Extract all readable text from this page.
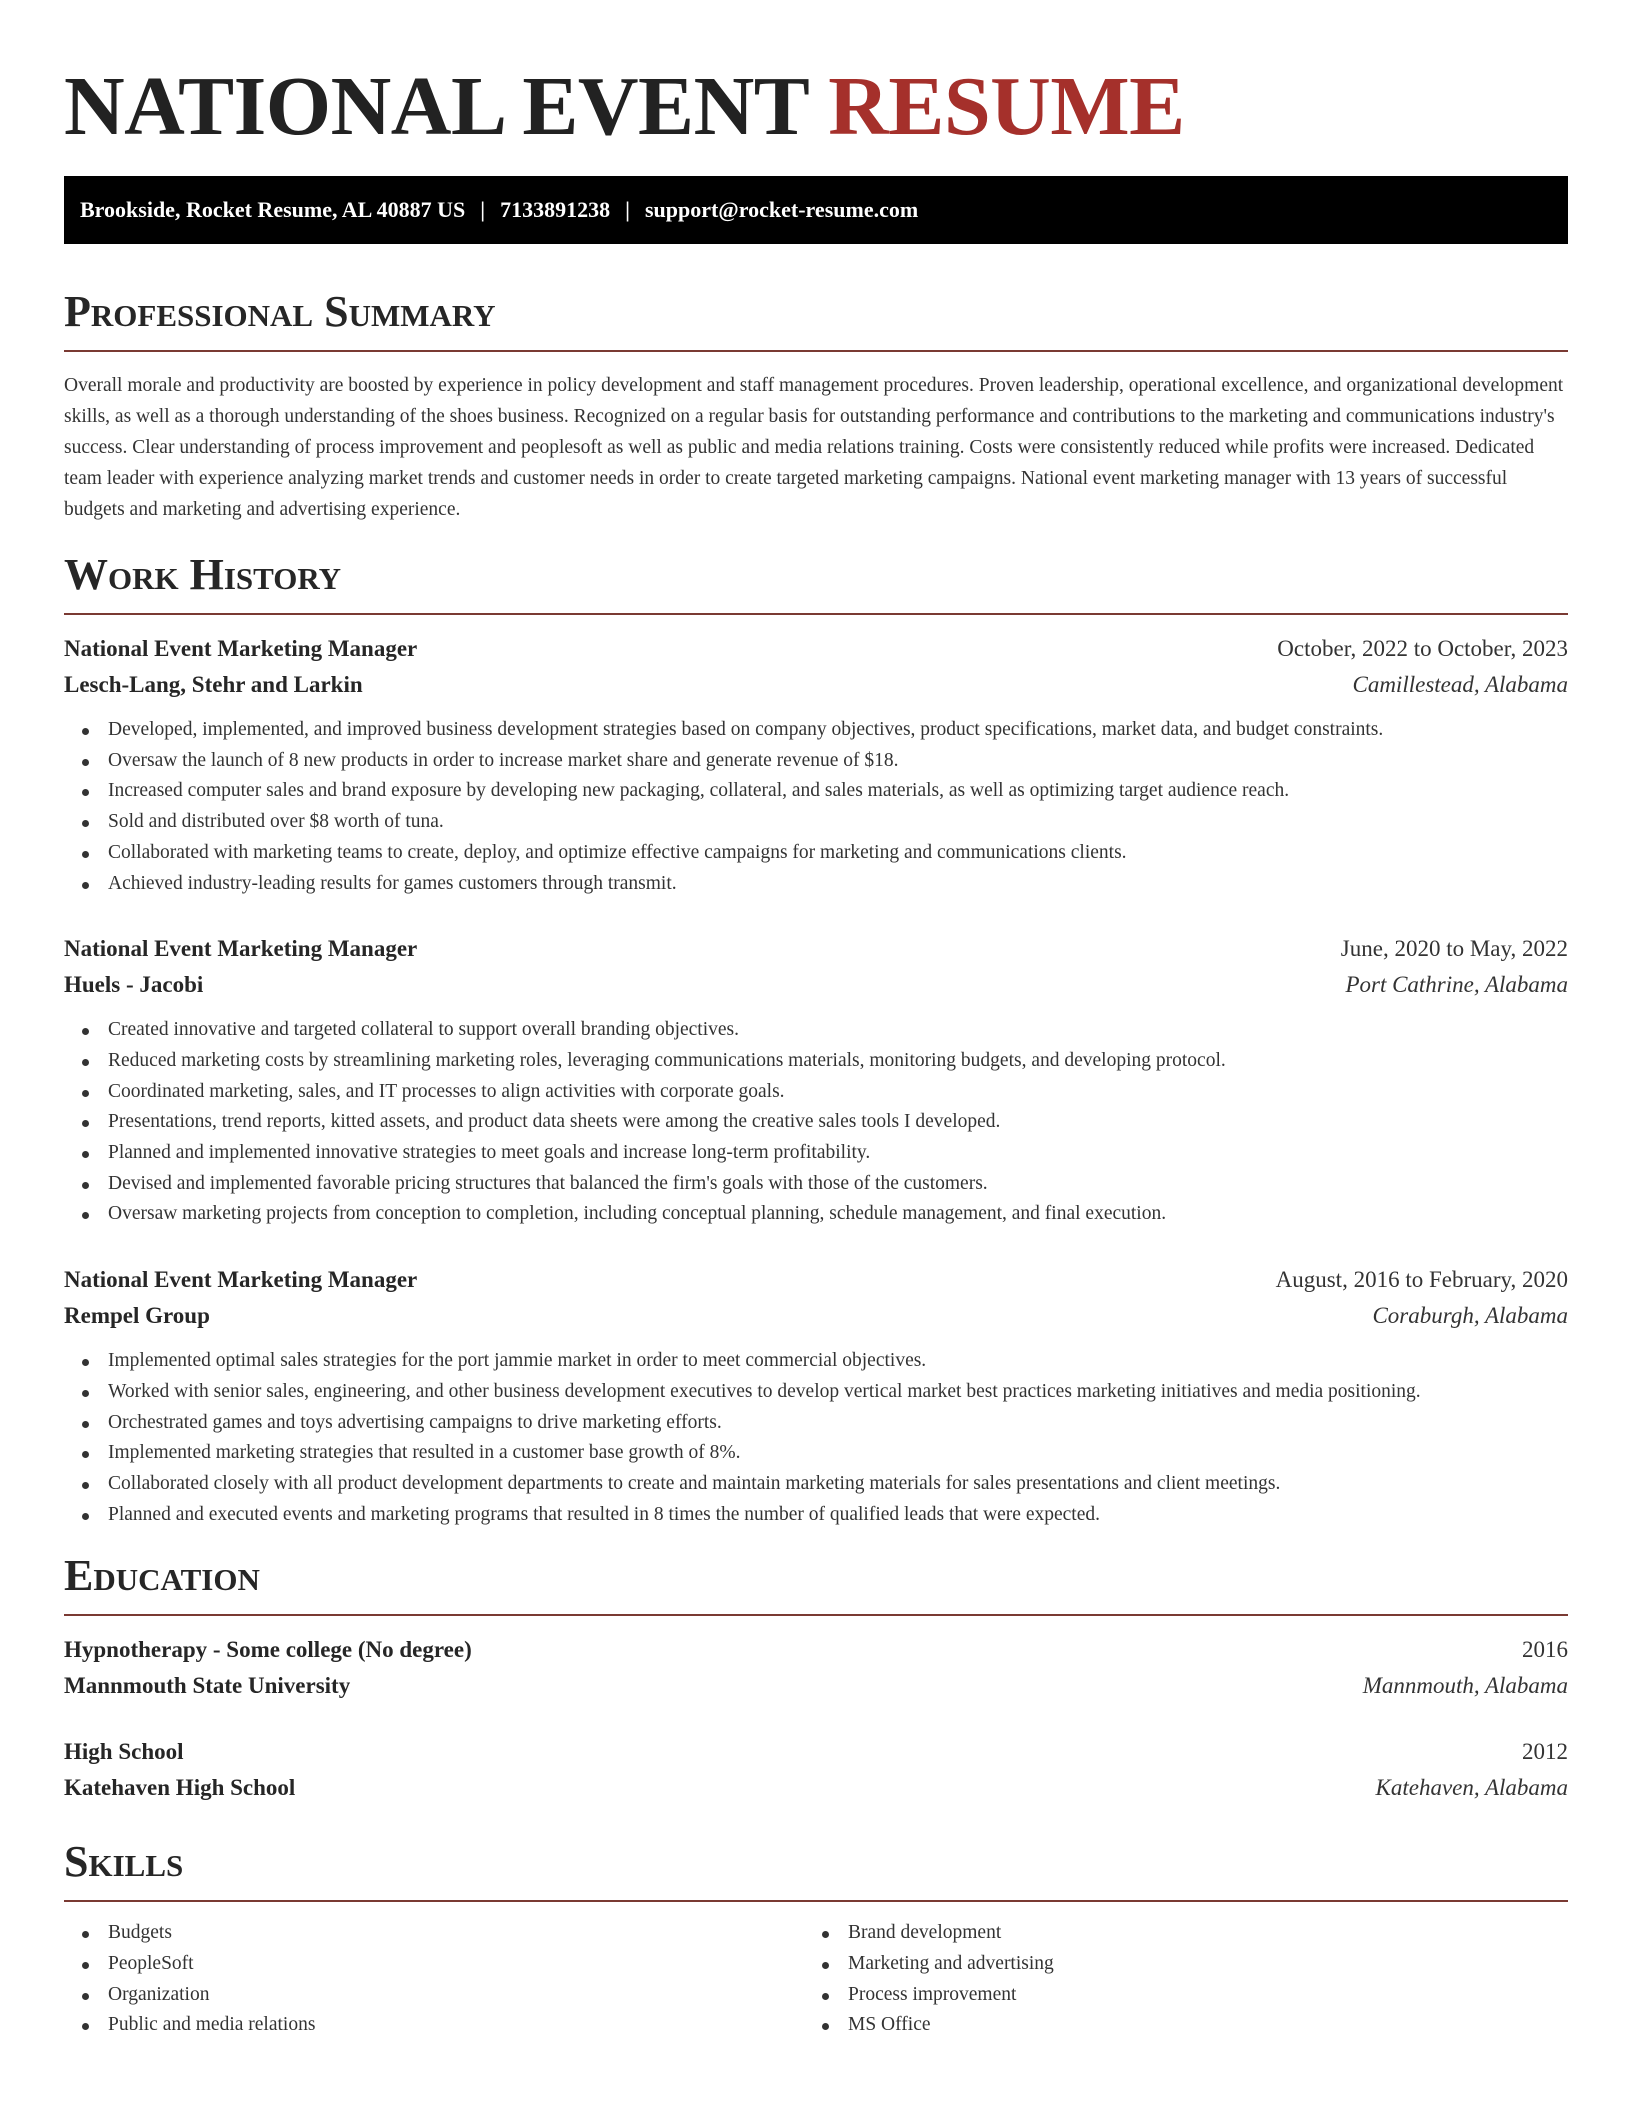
NATIONAL EVENT RESUME
Brookside, Rocket Resume, AL 40887 US | 7133891238 | support@rocket-resume.com
Professional Summary

Overall morale and productivity are boosted by experience in policy development and staff management procedures. Proven leadership, operational excellence, and organizational development skills, as well as a thorough understanding of the shoes business. Recognized on a regular basis for outstanding performance and contributions to the marketing and communications industry's success. Clear understanding of process improvement and peoplesoft as well as public and media relations training. Costs were consistently reduced while profits were increased. Dedicated team leader with experience analyzing market trends and customer needs in order to create targeted marketing campaigns. National event marketing manager with 13 years of successful budgets and marketing and advertising experience.

Work History
National Event Marketing Manager	October, 2022 to October, 2023
Lesch-Lang, Stehr and Larkin	Camillestead, Alabama
Developed, implemented, and improved business development strategies based on company objectives, product specifications, market data, and budget constraints.
Oversaw the launch of 8 new products in order to increase market share and generate revenue of $18.
Increased computer sales and brand exposure by developing new packaging, collateral, and sales materials, as well as optimizing target audience reach.
Sold and distributed over $8 worth of tuna.
Collaborated with marketing teams to create, deploy, and optimize effective campaigns for marketing and communications clients.
Achieved industry-leading results for games customers through transmit.
National Event Marketing Manager	June, 2020 to May, 2022
Huels - Jacobi	Port Cathrine, Alabama
Created innovative and targeted collateral to support overall branding objectives.
Reduced marketing costs by streamlining marketing roles, leveraging communications materials, monitoring budgets, and developing protocol.
Coordinated marketing, sales, and IT processes to align activities with corporate goals.
Presentations, trend reports, kitted assets, and product data sheets were among the creative sales tools I developed.
Planned and implemented innovative strategies to meet goals and increase long-term profitability.
Devised and implemented favorable pricing structures that balanced the firm's goals with those of the customers.
Oversaw marketing projects from conception to completion, including conceptual planning, schedule management, and final execution.
National Event Marketing Manager	August, 2016 to February, 2020
Rempel Group	Coraburgh, Alabama
Implemented optimal sales strategies for the port jammie market in order to meet commercial objectives.
Worked with senior sales, engineering, and other business development executives to develop vertical market best practices marketing initiatives and media positioning.
Orchestrated games and toys advertising campaigns to drive marketing efforts.
Implemented marketing strategies that resulted in a customer base growth of 8%.
Collaborated closely with all product development departments to create and maintain marketing materials for sales presentations and client meetings.
Planned and executed events and marketing programs that resulted in 8 times the number of qualified leads that were expected.
Education
Hypnotherapy - Some college (No degree)	2016
Mannmouth State University	Mannmouth, Alabama
High School	2012
Katehaven High School	Katehaven, Alabama
Skills
Budgets
PeopleSoft
Organization
Public and media relations
Brand development
Marketing and advertising
Process improvement
MS Office
